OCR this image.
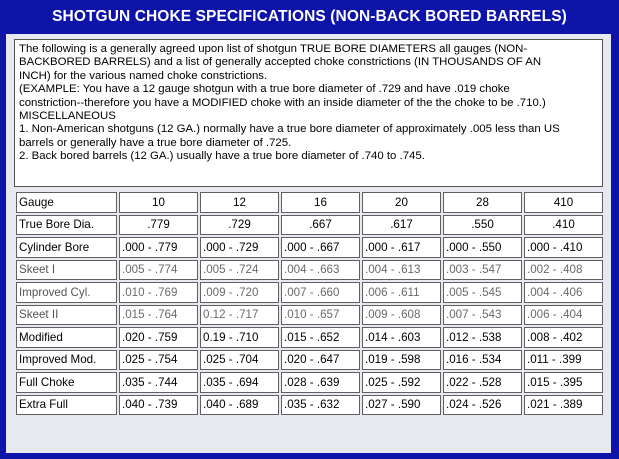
SHOTGUN CHOKE SPECIFICATIONS (NON-BACK BORED BARRELS)
The following is a generally agreed upon list of shotgun TRUE BORE DIAMETERS all gauges (NON-
BACKBORED BARRELS) and a list of generally accepted choke constrictions (IN THOUSANDS OF AN
INCH) for the various named choke constrictions.
(EXAMPLE: You have a 12 gauge shotgun with a true bore diameter of .729 and have .019 choke
constriction--therefore you have a MODIFIED choke with an inside diameter of the the choke to be .710.)
MISCELLANEOUS
1. Non-American shotguns (12 GA.) normally have a true bore diameter of approximately .005 less than US
barrels or generally have a true bore diameter of .725.
2. Back bored barrels (12 GA.) usually have a true bore diameter of .740 to .745.
Gauge	10	12	16	20	28	410
True Bore Dia.	.779	.729	.667	.617	.550	.410
Cylinder Bore	.000 - .779	.000 - .729	.000 - .667	.000 - .617	.000 - .550	.000 - .410
Skeet I	.005 - .774	.005 - .724	.004 - .663	.004 - .613	.003 - .547	.002 - .408
Improved Cyl.	.010 - .769	.009 - .720	.007 - .660	.006 - .611	.005 - .545	.004 - .406
Skeet II	.015 - .764	0.12 - .717	.010 - .657	.009 - .608	.007 - .543	.006 - .404
Modified	.020 - .759	0.19 - .710	.015 - .652	.014 - .603	.012 - .538	.008 - .402
Improved Mod.	.025 - .754	.025 - .704	.020 - .647	.019 - .598	.016 - .534	.011 - .399
Full Choke	.035 - .744	.035 - .694	.028 - .639	.025 - .592	.022 - .528	.015 - .395
Extra Full	.040 - .739	.040 - .689	.035 - .632	.027 - .590	.024 - .526	.021 - .389
